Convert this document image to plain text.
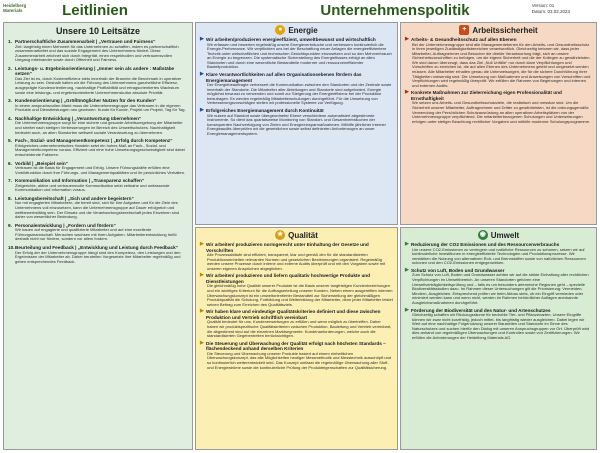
Heidelberg Materials	Leitlinien	Unternehmenspolitik	Version: 01
Datum: 03.02.2023
Unsere 10 Leitsätze
1. Partnerschaftliche Zusammenarbeit | „Vertrauen und Fairness“
Ziel: langfristig einen Mehrwert für das Unternehmen zu schaffen, indem es partnerschaftlich zusammenarbeitet und das soziale Engagement des Unternehmens fördert. Diese Zusammenarbeit zeichnet sich durch Integrität, einen respektvollen und vertrauensvollen Umgang miteinander sowie durch Offenheit und Fairness.
2. Leistungs- u. Ergebnisorientierung | „Immer sein als andere : Maßstäbe setzen“
Das Ziel ist es, durch Kosteneffizienz stets innerhalb der Branche die Benchmark in operativer Leistung zu sein. Deshalb halten wir die Führung des Unternehmens ganzheitliche Effizienz, ausgeprägte Kundenorientierung, nachhaltige Profitabilität und ertragsorientiertes Wachstum sowie eine leistungs- und ergebnisorientierte Unternehmenskultur absolute Priorität.
3. Kundenorientierung | „Größtmöglicher Nutzen für den Kunden“
In einem anspruchsvollen Markt muss die Unternehmensgruppe das Vertrauen in die eigenen Produkte und Dienstleistungen neu gewinnen. Kunde für Kunde, Projekt um Projekt, Tag für Tag.
4. Nachhaltige Entwicklung | „Verantwortung übernehmen“
Die Unternehmensgruppe sorgt für eine sichere und gesunde Arbeitsumgebung der Mitarbeiter und streitet nach stetigen Verbesserungen im Bereich des Umweltschutzes. Nachhaltigkeit bedeutet auch, an allen Standorten weltweit soziale Verantwortung zu übernehmen.
5. Fach-, Sozial- und Managementkompetenz | „Erfolg durch Kompetenz“
Erfolgreiches unternehmerisches Handeln setzt ein hohes Maß an Fach-, Sozial- und Managementkompetenz voraus. Effizient und eine hohe Umsetzungsgeschwindigkeit sind dabei entscheidende Faktoren.
6. Vorbild | „Beispiel sein“
Vertrauen ist die Basis für Engagement und Erfolg. Unsere Führungskräfte erfüllen eine Vorbildfunktion durch ihre Führungs- und Managementqualitäten und ihr persönliches Verhalten.
7. Kommunikation und Information | „Transparenz schaffen“
Zielgerichte, aktive und vertrauensvolle Kommunikation setzt zeitnahe und umfassende Kommunikation und Information voraus.
8. Leistungsbereitschaft | „Sich und andere begeistern“
Nur mit engagierten Mitarbeitern, die bereit sind, sich für ihre Aufgaben und für die Ziele des Unternehmens voll einzusetzen, kann die Unternehmensgruppe auf Dauer erfolgreich und wettbewerbsfähig sein. Der Einsatz und die Verantwortungsbereitschaft jedes Einzelnen sind daher von wesentlicher Bedeutung.
9. Personalentwicklung | „Fordern und fördern“
Wir bauen auf engagierte und qualifizierte Mitarbeiter und auf eine exzellente Führungsmannschaft. Menschen wachsen mit ihren Aufgaben. Mitarbeiterentwicklung heißt deshalb nicht nur fördern, sondern vor allem fordern.
10. Beurteilung und Feedback | „Entwicklung und Leistung durch Feedback“
Der Erfolg der der Unternehmensgruppe hängt sind den Kompetenz, den Leistungen und den Ergebnissen der Mitarbeiter ab. Daher beurteilen Vorgesetzte ihre Mitarbeiter regelmäßig und geben entsprechendes Feedback.
● Energie
▶ Wir arbeiten/produzieren energieeffizient, umweltbewusst und wirtschaftlich
Wir erfassen und bewerten regelmäßig unsere Energieverbräuche und verbessern kontinuierlich die Energie-Performance. Wir verpflichten uns bei der Beschaffung neuer Anlagen die energieeffizientere Technik unter wirtschaftlichen und technischen Gesichtspunkten einzusetzen und so den Mehrverbrauch an Energie zu begrenzen. Die systematische Sicherstellung des Energieflusses erfolgt an allen Standorten und durch eine wesentliche Bestandteile moderner und ressourceneffizienter Bauteilproduktion.
▶ Klare Verantwortlichkeiten auf allen Organisationsebenen fördern das Energiemanagement
Der Energiebeauftragte verbessert die Kommunikation zwischen den Standorten und der Zentrale sowie innerhalb der Standorte. Die Mitarbeiter aller Abteilungen und Standorte sind aufgefordert, Energie möglichst bewusst zu verwenden und somit zur Steigerung der Energieeffizienz bei der Produktion beizutragen. Es werden regelmäßig Mitarbeiterschulungen durchgeführt. Für die Umsetzung von Verbesserungsvorschlägen stellen wir professionelle Systeme zur Verfügung.
▶ Erfolgreiches Energiemanagement durch Kontinuität
Wir nutzen auf Standort sowie übergeordneter Ebene verschiedene automatisiert abgestimmte Instrumente. So dient das quartalsweise Monitoring von Standort- und Gesamtverbräuchen der konsequenten Nachverfolgung von Zielen und Energieeinsparmaßnahmen. Mithilfe jährlicher interner Energieaudits überprüfen wir die gesetzlichen sowie selbst definierten Anforderungen an unser Energiemanagementsystem.
+ Arbeitssicherheit
▶ Arbeits- & Gesundheitsschutz auf allen Ebenen
Bei der Unternehmensgruppe sind alle Managementebenen für den Arbeits- und Gesundheitsschutz in ihren jeweiligen Zuständigkeitsbereichen verantwortlich. Gleichzeitig betonen wir, dass jeder Mitarbeiter, Auftragnehmer und Besucher die direkte Verantwortung trägt, sich an unsere Sicherheitsvorschriften zu befolgen, um die eigene Sicherheit und die der Kollegen zu gewährleisten. Wir sind davon überzeugt, dass das Ziel „Null Unfälle“ nur durch klare Verpflichtungen und Vorschriften zu erreichen ist, die auf allen Ebenen des Unternehmens gelebt und umgesetzt werden müssen. Alle Mitarbeiter erhalten genau die Unterweisungen, die für die sichere Durchführung ihrer Tätigkeiten notwendig sind. Die Umsetzung von Maßnahmen und Anweisungen von Vorschriften und Verpflichtungen wird regelmäßig überprüft. Wir erfüllen die Rahmen von Begehungen und internen und externen Audits.
▶ Konkrete Maßnahmen zur Zielerreichung eigen Professionalität und Ernsthaftigkeit
Wir setzen uns Arbeits- und Gesundheitsschutzziele, die realistisch und messbar sind. Um die Sicherheit unserer Mitarbeiter, Auftragnehmer und Dritter zu gewährleisten, ist die ordnungsgemäße Verwendung der Persönlichen Schutzausrüstung an allen operativen Arbeitsplätzen von der Unternehmensgruppe verpflichtend. Die mitarbeiterbezogenen Schulungen und Unterweisungen erfolgen unter stetiger Beachtung rechtlicher Vorgaben und mithilfe moderner Schulungsprogramme.
★ Qualität
▶ Wir arbeiten/ produzieren normgerecht unter Einhaltung der Gesetze und Vorschriften
Alle Prozessabläufe sind effizient, transparent, klar und gemäß den für die standardisierten Produktionseinheiten relevanten Normen und gesetzlichen Bestimmungen organisiert. Regelmäßig werden unsere Prozesse durch interne und externe Audits überprüft und mit den Vorgaben sowie mit unseren eigenen Ansprüchen abgeglichen.
▶ Wir arbeiten/ produzieren und liefern qualitativ hochwertige Produkte und Dienstleistungen
Die gleichmäßig hohe Qualität unserer Produkte ist die Basis unserer langfristigen Kundenbeziehungen und ein wichtiges Kriterium für die Auftragserteilung unserer Kunden. Neben einem ausgereiften internen Überwachungskonzept ist ein umweltorientierter Bestandteil zur Sicherstellung der gleichmäßigen Produktqualität die Schulung, Fortbildung und Weiterbildung der Mitarbeiter, denn jeder Mitarbeiter leistet seinen Beitrag zum Erreichen des Qualitätsziels.
▶ Wir haben klare und eindeutige Qualitätskriterien definiert und diese zwischen Produktion und Vertrieb schriftlich vereinbart
Qualität bedeutet für uns, Kundenerwartungen zu erfüllen und wenn möglich zu übertreffen. Daher haben wir produktspezifische Qualitätskriterien zwischen Produktion, Bauleitung und Vertrieb vereinbart, die abgestimmt sind auf die einzelnen Marktsegmente. Kundenanforderungen, welche auch die standardisierten Gegebenheiten berücksichtigen.
▶ Die Steuerung und Überwachung der Qualität erfolgt nach höchsten Standards – flächendeckend anhand derselben Kriterien
Die Steuerung und Überwachung unserer Produkte basiert auf einem einheitlichen Überwachungskonzept, das alle Möglichkeiten heutiger Messmethodik und Messtechnik ausschöpft und so kontinuierlich weiterentwickelt wird. Das Konzept umfasst die regelmäßige Überwachung aller Stoff- und Energieströme sowie die kontinuierliche Prüfung der Produkteigenschaften zur Qualitätsicherung.
◉ Umwelt
▶ Reduzierung der CO2 Emissionen und des Ressourcenverbrauchs
Um unsere CO2-Emissionen zu verringern und natürliche Ressourcen zu schonen, setzen wir auf kontinuierliche Investitionen in energieeffiziente Technologien und Produktionsprozesse. Wir verstärken die Nutzung von alternativen Roh- und Brennstoffen sowie von natürlichen Ressourcen schonen und den CO2-Emissionen entgegenwirken.
▶ Schutz von Luft, Boden und Grundwasser
Zum Schutz von Luft, Boden und Grundwasser achten wir auf die strikte Einhaltung aller rechtlichen Verpflichtungen im Umweltbereich. An unseren Standorten gehören eine Umweltverträglichkeitsprüfung und – falls es um besonders artenreiche Regionen geht – spezielle Biodiversitätsstudien dazu. Im Rahmen dieser Untersuchungen gilt die Priorisierung: Vermeiden, Mindern, Ausgleichen. Entsprechend prüfen wir beim Abbau stets, ob ein Eingriff vermieden oder minimiert werden kann und wenn nicht, werden im Rahmen behördlicher Auflagen anerkannte Ausgleichsmaßnahmen durchgeführt.
▶ Förderung der Biodiversität und des Natur- und Artenschutzes
Gleichzeitig schaffen wir Rückzugsräume für bedrohte Tier- und Pflanzenarten. Unsere Eingriffe können wir zwar nicht kurzfristig, jedoch mittel- bis langfristig wieder ausgleichen. Dabei legen wir Wert auf eine nachhaltige Folgenutzung unserer Baustellen und Standorte im Sinne des Naturschutzes und suchen hierfür den Dialog mit unseren Anspruchsgruppen vor Ort. Überprüft wird dies anhand von regelmäßigen Überwachungen und Kontrollen sowie von Zertifizierungen. Wir erfüllen die Anforderungen der Heidelberg Materials AG.
